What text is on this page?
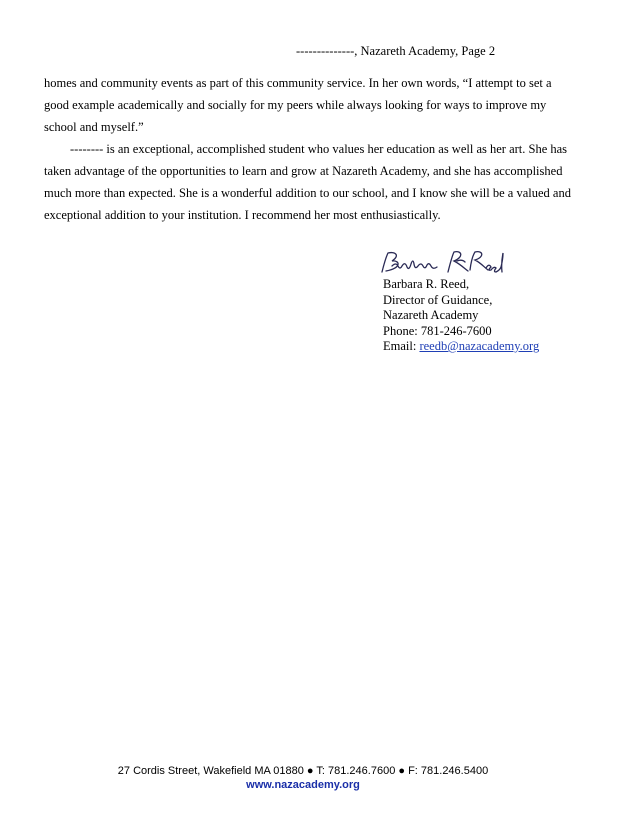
--------------, Nazareth Academy, Page 2

homes and community events as part of this community service. In her own words, “I attempt to set a good example academically and socially for my peers while always looking for ways to improve my school and myself.”

-------- is an exceptional, accomplished student who values her education as well as her art. She has taken advantage of the opportunities to learn and grow at Nazareth Academy, and she has accomplished much more than expected. She is a wonderful addition to our school, and I know she will be a valued and exceptional addition to your institution. I recommend her most enthusiastically.

Barbara R. Reed,
Director of Guidance,
Nazareth Academy
Phone: 781-246-7600
Email: reedb@nazacademy.org
27 Cordis Street, Wakefield MA 01880 ● T: 781.246.7600 ● F: 781.246.5400
www.nazacademy.org
